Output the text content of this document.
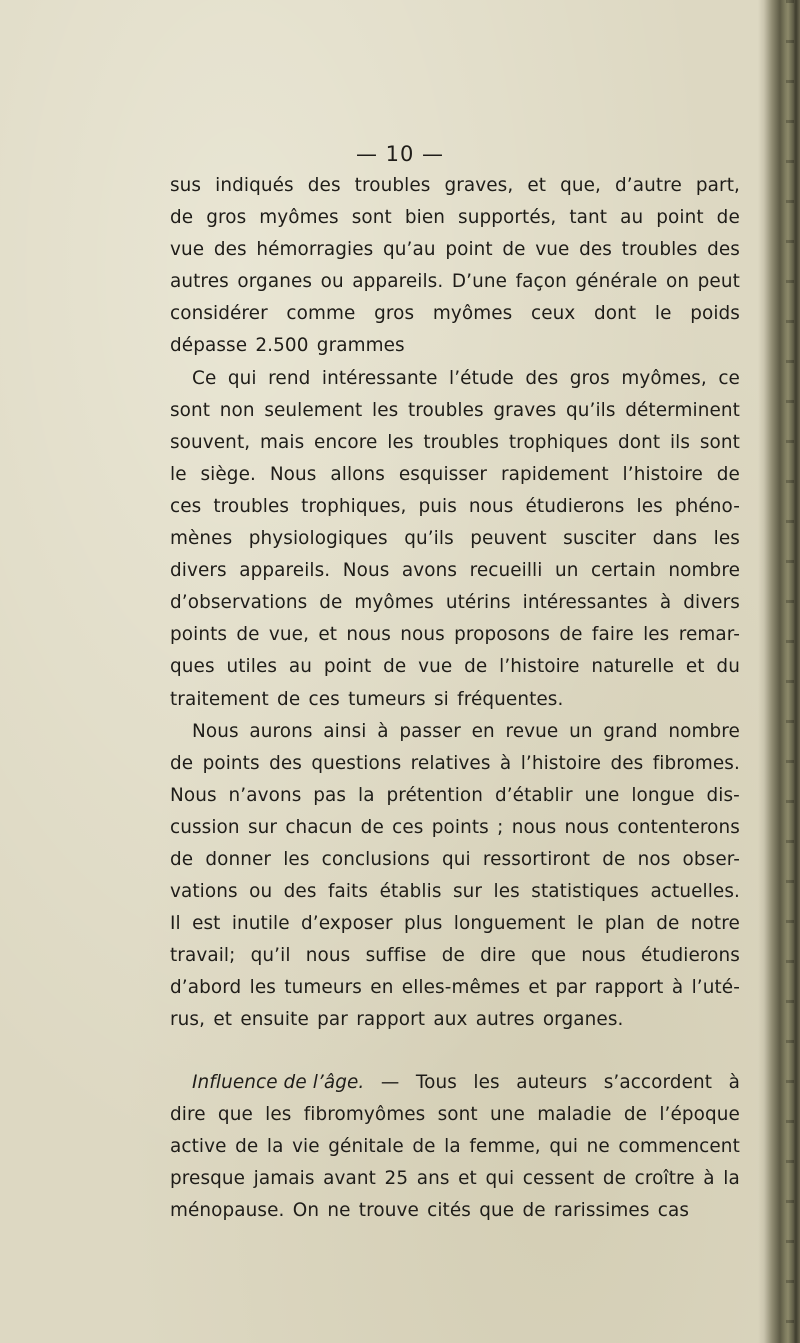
— 10 —
sus indiqués des troubles graves, et que, d’autre part,
de gros myômes sont bien supportés, tant au point de
vue des hémorragies qu’au point de vue des troubles des
autres organes ou appareils. D’une façon générale on peut
considérer comme gros myômes ceux dont le poids
dépasse 2.500 grammes
Ce qui rend intéressante l’étude des gros myômes, ce
sont non seulement les troubles graves qu’ils déterminent
souvent, mais encore les troubles trophiques dont ils sont
le siège. Nous allons esquisser rapidement l’histoire de
ces troubles trophiques, puis nous étudierons les phéno-
mènes physiologiques qu’ils peuvent susciter dans les
divers appareils. Nous avons recueilli un certain nombre
d’observations de myômes utérins intéressantes à divers
points de vue, et nous nous proposons de faire les remar-
ques utiles au point de vue de l’histoire naturelle et du
traitement de ces tumeurs si fréquentes.
Nous aurons ainsi à passer en revue un grand nombre
de points des questions relatives à l’histoire des fibromes.
Nous n’avons pas la prétention d’établir une longue dis-
cussion sur chacun de ces points ; nous nous contenterons
de donner les conclusions qui ressortiront de nos obser-
vations ou des faits établis sur les statistiques actuelles.
Il est inutile d’exposer plus longuement le plan de notre
travail; qu’il nous suffise de dire que nous étudierons
d’abord les tumeurs en elles-mêmes et par rapport à l’uté-
rus, et ensuite par rapport aux autres organes.
Influence de l’âge. — Tous les auteurs s’accordent à
dire que les fibromyômes sont une maladie de l’époque
active de la vie génitale de la femme, qui ne commencent
presque jamais avant 25 ans et qui cessent de croître à la
ménopause. On ne trouve cités que de rarissimes cas
